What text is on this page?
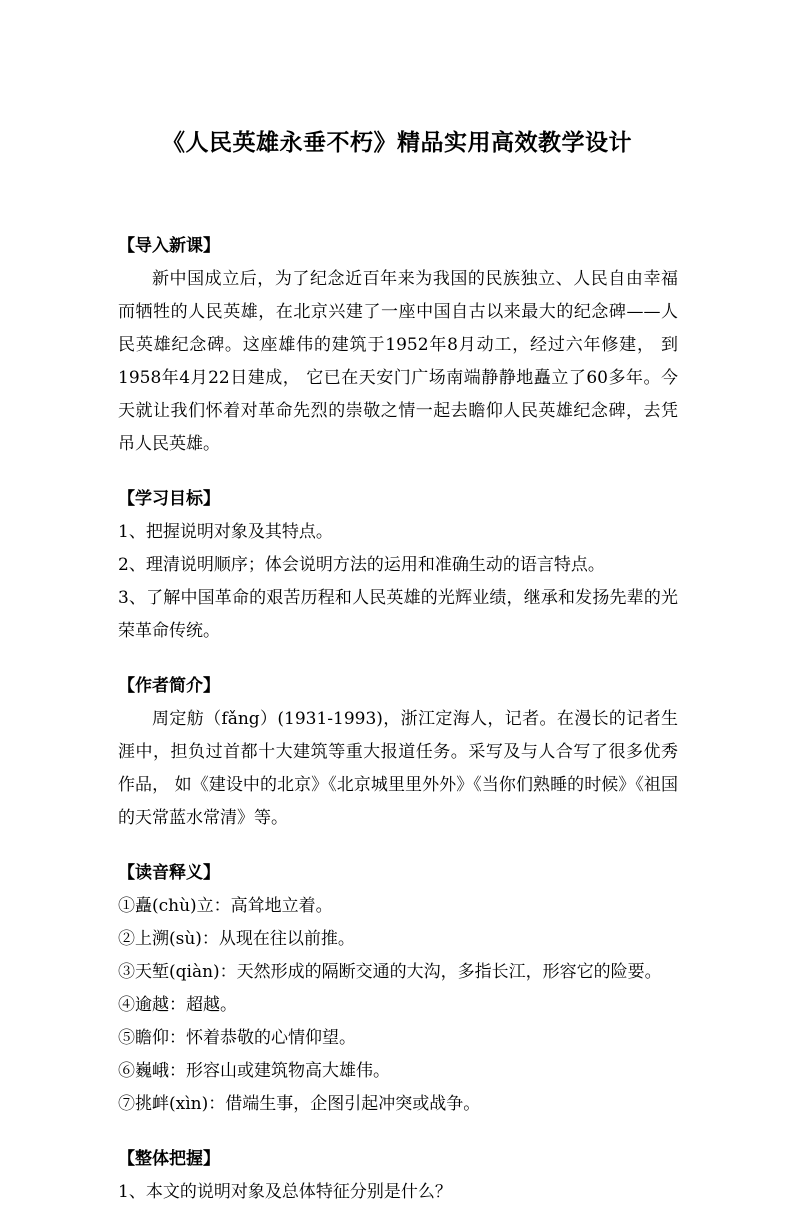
《人民英雄永垂不朽》精品实用高效教学设计

【导入新课】

新中国成立后，为了纪念近百年来为我国的民族独立、人民自由幸福而牺牲的人民英雄，在北京兴建了一座中国自古以来最大的纪念碑——人民英雄纪念碑。这座雄伟的建筑于1952年8月动工，经过六年修建， 到1958年4月22日建成， 它已在天安门广场南端静静地矗立了60多年。今天就让我们怀着对革命先烈的崇敬之情一起去瞻仰人民英雄纪念碑，去凭吊人民英雄。

【学习目标】

1、把握说明对象及其特点。

2、理清说明顺序；体会说明方法的运用和准确生动的语言特点。

3、了解中国革命的艰苦历程和人民英雄的光辉业绩，继承和发扬先辈的光荣革命传统。

【作者简介】

周定舫（fǎng）(1931-1993)，浙江定海人，记者。在漫长的记者生涯中，担负过首都十大建筑等重大报道任务。采写及与人合写了很多优秀作品， 如《建设中的北京》《北京城里里外外》《当你们熟睡的时候》《祖国的天常蓝水常清》等。

【读音释义】

①矗(chù)立：高耸地立着。

②上溯(sù)：从现在往以前推。

③天堑(qiàn)：天然形成的隔断交通的大沟，多指长江，形容它的险要。

④逾越：超越。

⑤瞻仰：怀着恭敬的心情仰望。

⑥巍峨：形容山或建筑物高大雄伟。

⑦挑衅(xìn)：借端生事，企图引起冲突或战争。

【整体把握】

1、本文的说明对象及总体特征分别是什么？
